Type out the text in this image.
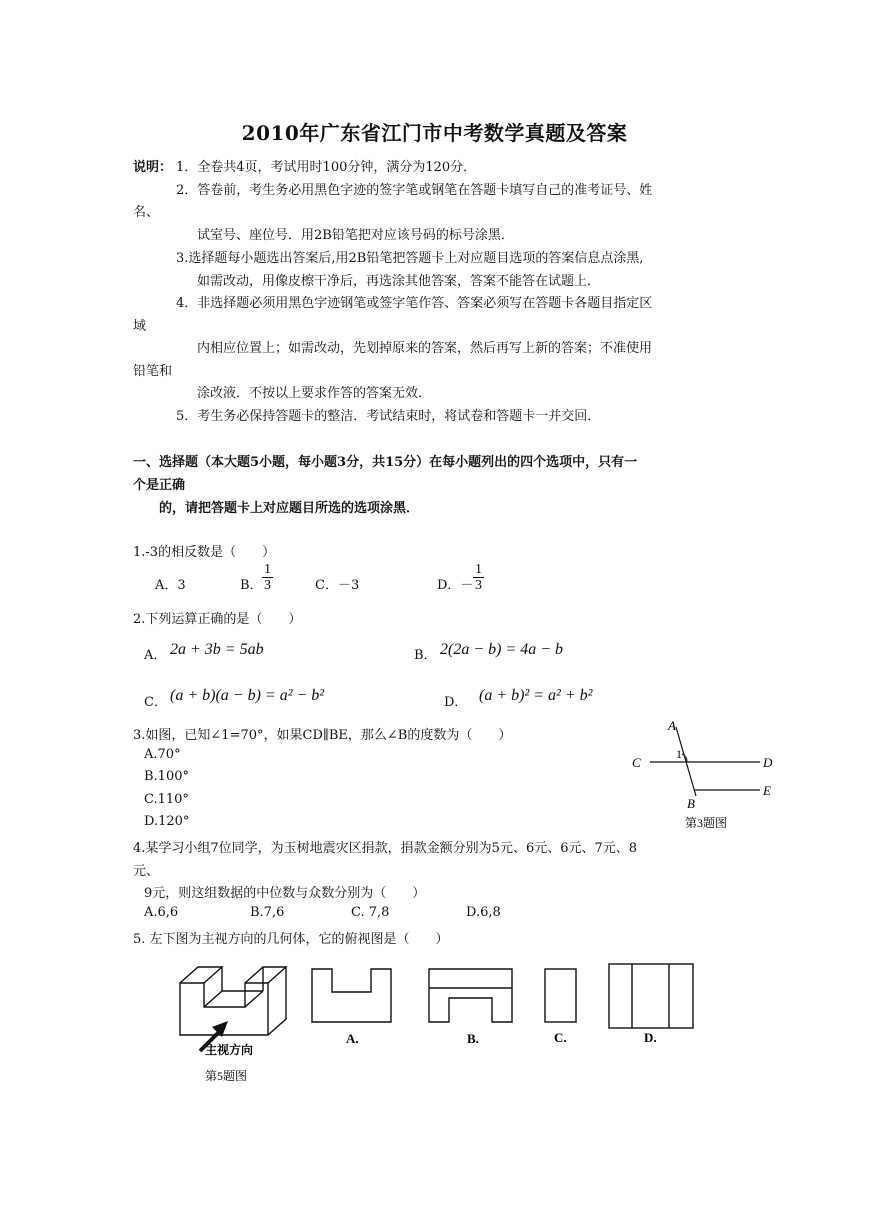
2010年广东省江门市中考数学真题及答案
说明： 1．全卷共4页，考试用时100分钟，满分为120分．
2．答卷前，考生务必用黑色字迹的签字笔或钢笔在答题卡填写自己的准考证号、姓
名、
试室号、座位号．用2B铅笔把对应该号码的标号涂黑．
3.选择题每小题选出答案后,用2B铅笔把答题卡上对应题目选项的答案信息点涂黑,
如需改动，用像皮檫干净后，再选涂其他答案，答案不能答在试题上．
4．非选择题必须用黑色字迹钢笔或签字笔作答、答案必须写在答题卡各题目指定区
域
内相应位置上；如需改动，先划掉原来的答案，然后再写上新的答案；不准使用
铅笔和
涂改液．不按以上要求作答的答案无效．
5．考生务必保持答题卡的整洁．考试结束时，将试卷和答题卡一并交回．
一、选择题（本大题5小题，每小题3分，共15分）在每小题列出的四个选项中，只有一
个是正确
的，请把答题卡上对应题目所选的选项涂黑．
1.-3的相反数是（　　）
A．3	B． $\frac{1}{3}$	C．－3	D．－ $\frac{1}{3}$
2.下列运算正确的是（　　）
A． 2a + 3b = 5ab	B． 2(2a − b) = 4a − b
C． (a + b)(a − b) = a² − b²	D． (a + b)² = a² + b²
3.如图，已知∠1=70°，如果CD∥BE，那么∠B的度数为（　　）
A.70°
B.100°
C.110°
D.120°
A
1
C	D
B
E
第3题图
4.某学习小组7位同学，为玉树地震灾区捐款，捐款金额分别为5元、6元、6元、7元、8
元、
9元，则这组数据的中位数与众数分别为（　　）
A.6,6	B.7,6	C. 7,8	D.6,8
5. 左下图为主视方向的几何体，它的俯视图是（　　）
主视方向
第5题图
A.	B.	C.	D.
